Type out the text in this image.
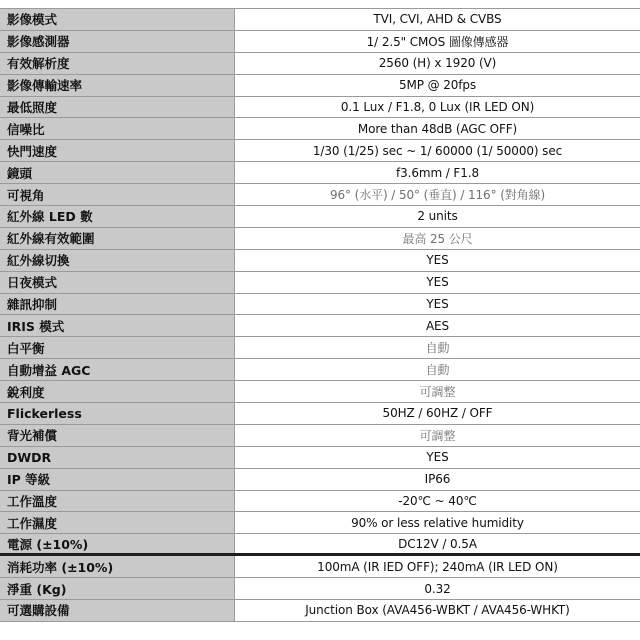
影像模式	TVI, CVI, AHD & CVBS
影像感測器	1/ 2.5" CMOS 圖像傳感器
有效解析度	2560 (H) x 1920 (V)
影像傳輸速率	5MP @ 20fps
最低照度	0.1 Lux / F1.8, 0 Lux (IR LED ON)
信噪比	More than 48dB (AGC OFF)
快門速度	1/30 (1/25) sec ~ 1/ 60000 (1/ 50000) sec
鏡頭	f3.6mm / F1.8
可視角	96° (水平) / 50° (垂直) / 116° (對角線)
紅外線 LED 數	2 units
紅外線有效範圍	最高 25 公尺
紅外線切換	YES
日夜模式	YES
雜訊抑制	YES
IRIS 模式	AES
白平衡	自動
自動增益 AGC	自動
銳利度	可調整
Flickerless	50HZ / 60HZ / OFF
背光補償	可調整
DWDR	YES
IP 等級	IP66
工作溫度	-20℃ ~ 40℃
工作濕度	90% or less relative humidity
電源 (±10%)	DC12V / 0.5A
消耗功率 (±10%)	100mA (IR IED OFF); 240mA (IR LED ON)
淨重 (Kg)	0.32
可選購設備	Junction Box (AVA456-WBKT / AVA456-WHKT)
